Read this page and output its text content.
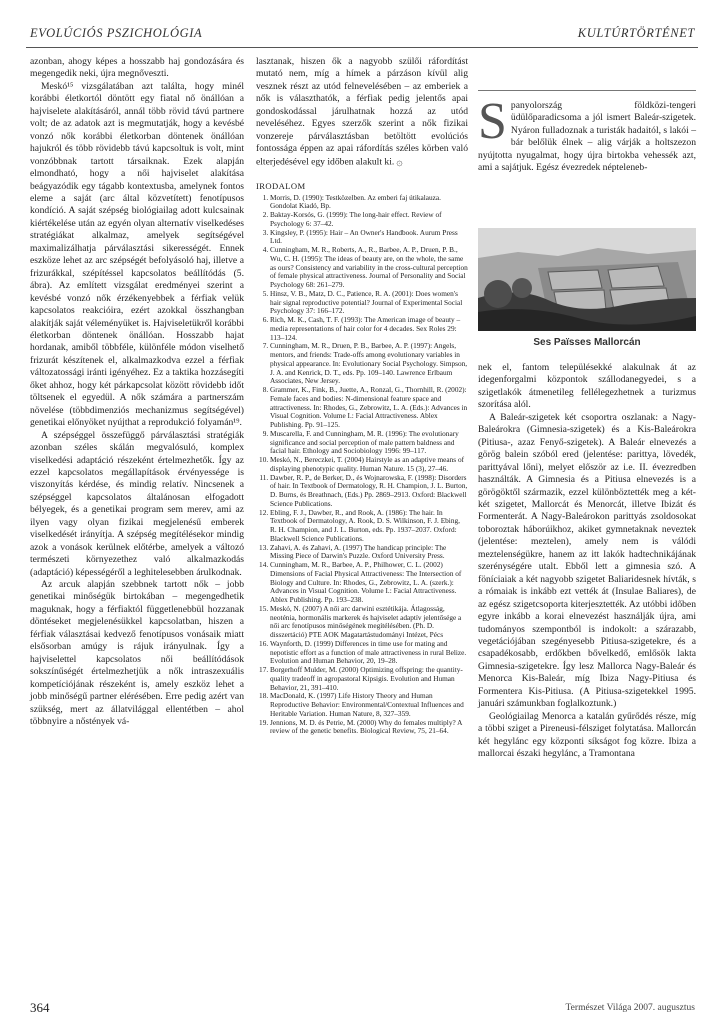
EVOLÚCIÓS PSZICHOLÓGIA	KULTÚRTÖRTÉNET

azonban, ahogy képes a hosszabb haj gondozására és megengedik neki, újra megnőveszti.

Meskó¹⁵ vizsgálatában azt találta, hogy minél korábbi életkortól döntött egy fiatal nő önállóan a hajviselete alakításáról, annál több rövid távú partnere volt; de az adatok azt is megmutatják, hogy a kevésbé vonzó nők korábbi életkorban döntenek önállóan hajukról és több rövidebb távú kapcsoltuk is volt, mint vonzóbbnak tartott társaiknak. Ezek alapján elmondható, hogy a női hajviselet alakítása beágyazódik egy tágabb kontextusba, amelynek fontos eleme a saját (arc által közvetített) fenotípusos kondíció. A saját szépség biológiailag adott kulcsainak kiértékelése után az egyén olyan alternatív viselkedéses stratégiákat alkalmaz, amelyek segítségével maximalizálhatja párválasztási sikerességét. Ennek eszköze lehet az arc szépségét befolyásoló haj, illetve a frizurákkal, szépítéssel kapcsolatos beállítódás (5. ábra). Az említett vizsgálat eredményei szerint a kevésbé vonzó nők érzékenyebbek a férfiak velük kapcsolatos reakcióira, ezért azokkal összhangban alakítják saját véleményüket is. Hajviseletükről korábbi életkorban döntenek önállóan. Hosszabb hajat hordanak, amiből többféle, különféle módon viselhető frizurát készítenek el, alkalmazkodva ezzel a férfiak változatossági iránti igényéhez. Ez a taktika hozzásegíti őket ahhoz, hogy két párkapcsolat között rövidebb időt töltsenek el egyedül. A nők számára a partnerszám növelése (többdimenziós mechanizmus segítségével) genetikai előnyöket nyújthat a reprodukció folyamán¹⁹.

A szépséggel összefüggő párválasztási stratégiák azonban széles skálán megvalósuló, komplex viselkedési adaptáció részeként értelmezhetők. Így az ezzel kapcsolatos megállapítások érvényessége is viszonyítás kérdése, és mindig relatív. Nincsenek a szépséggel kapcsolatos általánosan elfogadott bélyegek, és a genetikai program sem merev, ami az ilyen vagy olyan fizikai megjelenésű emberek viselkedését irányítja. A szépség megítélésekor mindig azok a vonások kerülnek előtérbe, amelyek a változó természeti környezethez való alkalmazkodás (adaptáció) képességéről a leghitelesebben árulkodnak.

Az arcuk alapján szebbnek tartott nők – jobb genetikai minőségük birtokában – megengedhetik maguknak, hogy a férfiaktól függetlenebbül hozzanak döntéseket megjelenésükkel kapcsolatban, hiszen a férfiak választásai kedvező fenotípusos vonásaik miatt elsősorban amúgy is rájuk irányulnak. Így a hajviselettel kapcsolatos női beállítódások sokszínűségét értelmezhetjük a nők intraszexuális kompetíciójának részeként is, amely eszköz lehet a jobb minőségű partner elérésében. Erre pedig azért van szükség, mert az állatvilággal ellentétben – ahol többnyire a nőstények vá-

lasztanak, hiszen ők a nagyobb szülői ráfordítást mutató nem, míg a hímek a párzáson kívül alig vesznek részt az utód felnevelésében – az emberiek a nők is választhatók, a férfiak pedig jelentős apai gondoskodással járulhatnak hozzá az utód neveléséhez. Egyes szerzők szerint a nők fizikai vonzereje párválasztásban betöltött evolúciós fontossága éppen az apai ráfordítás széles körben való elterjedésével egy időben alakult ki. ۞

IRODALOM
1. Morris, D. (1990): Testközelben. Az emberi faj útikalauza. Gondolat Kiadó, Bp.
2. Baktay-Korsós, G. (1999): The long-hair effect. Review of Psychology 6: 37–42.
3. Kingsley, P. (1995): Hair – An Owner's Handbook. Aurum Press Ltd.
4. Cunningham, M. R., Roberts, A., R., Barbee, A. P., Druen, P. B., Wu, C. H. (1995): The ideas of beauty are, on the whole, the same as ours? Consistency and variability in the cross-cultural perception of female physical attractiveness. Journal of Personality and Social Psychology 68: 261–279.
5. Hinsz, V. B., Matz, D. C., Patience, R. A. (2001): Does women's hair signal reproductive potential? Journal of Experimental Social Psychology 37: 166–172.
6. Rich, M. K., Cash, T. F. (1993): The American image of beauty – media representations of hair color for 4 decades. Sex Roles 29: 113–124.
7. Cunningham, M. R., Druen, P. B., Barbee, A. P. (1997): Angels, mentors, and friends: Trade-offs among evolutionary variables in physical appearance. In: Evolutionary Social Psychology. Simpson, J. A. and Kenrick, D. T., eds. Pp. 109–140. Lawrence Erlbaum Associates, New Jersey.
8. Grammer, K., Fink, B., Juette, A., Ronzal, G., Thornhill, R. (2002): Female faces and bodies: N-dimensional feature space and attractiveness. In: Rhodes, G., Zebrowitz, L. A. (Eds.): Advances in Visual Cognition. Volume I.: Facial Attractiveness. Ablex Publishing. Pp. 91–125.
9. Muscarella, F. and Cunningham, M. R. (1996): The evolutionary significance and social perception of male pattern baldness and facial hair. Ethology and Sociobiology 1996: 99–117.
10. Meskó, N., Bereczkei, T. (2004) Hairstyle as an adaptive means of displaying phenotypic quality. Human Nature. 15 (3), 27–46.
11. Dawber, R. P., de Berker, D., és Wojnarowska, F. (1998): Disorders of hair. In Textbook of Dermatology, R. H. Champion, J. L. Burton, D. Burns, és Breathnach, (Eds.) Pp. 2869–2913. Oxford: Blackwell Science Publications.
12. Ebling, F. J., Dawber, R., and Rook, A. (1986): The hair. In Textbook of Dermatology, A. Rook, D. S. Wilkinson, F. J. Ebing, R. H. Champion, and J. L. Burton, eds. Pp. 1937–2037. Oxford: Blackwell Science Publications.
13. Zahavi, A. és Zahavi, A. (1997) The handicap principle: The Missing Piece of Darwin's Puzzle. Oxford University Press.
14. Cunningham, M. R., Barbee, A. P., Philhower, C. L. (2002) Dimensions of Facial Physical Attractiveness: The Intersection of Biology and Culture. In: Rhodes, G., Zebrowitz, L. A. (szerk.): Advances in Visual Cognition. Volume I.: Facial Attractiveness. Ablex Publishing. Pp. 193–238.
15. Meskó, N. (2007) A női arc darwini esztétikája. Átlagosság, neoténia, hormonális markerek és hajviselet adaptív jelentősége a női arc fenotípusos minőségének megítélésében. (Ph. D. disszertáció) PTE AOK Magatartástudományi Intézet, Pécs
16. Waynforth, D. (1999) Differences in time use for mating and nepotistic effort as a function of male attractiveness in rural Belize. Evolution and Human Behavior, 20, 19–28.
17. Borgerhoff Mulder, M. (2000) Optimizing offspring: the quantity-quality tradeoff in agropastoral Kipsigis. Evolution and Human Behavior, 21, 391–410.
18. MacDonald, K. (1997) Life History Theory and Human Reproductive Behavior: Environmental/Contextual Influences and Heritable Variation. Human Nature, 8, 327–359.
19. Jennions, M. D. és Petrie, M. (2000) Why do females multiply? A review of the genetic benefits. Biological Review, 75, 21–64.
Spanyolország földközi-tengeri üdülőparadicsoma a jól ismert Baleár-szigetek. Nyáron fulladoznak a turisták hadaitól, s lakói – bár belőlük élnek – alig várják a holtszezon nyújtotta nyugalmat, hogy újra birtokba vehessék azt, ami a sajátjuk. Egész évezredek népteleneb-
Ses Païsses Mallorcán

nek el, fantom településekké alakulnak át az idegenforgalmi központok szállodanegyedei, s a szigetlakók átmenetileg fellélegezhetnek a turizmus szorítása alól.

A Baleár-szigetek két csoportra oszlanak: a Nagy-Baleárokra (Gimnesia-szigetek) és a Kis-Baleárokra (Pitiusa-, azaz Fenyő-szigetek). A Baleár elnevezés a görög balein szóból ered (jelentése: parittya, lövedék, parittyával lőni), melyet először az i.e. II. évezredben használták. A Gimnesia és a Pitiusa elnevezés is a görögöktől származik, ezzel különböztették meg a két-két szigetet, Mallorcát és Menorcát, illetve Ibizát és Formenterát. A Nagy-Baleárokon parittyás zsoldosokat toboroztak háborúikhoz, akiket gymnetaknak neveztek (jelentése: meztelen), amely nem is válódi meztelenségükre, hanem az itt lakók hadtechnikájának szerénységére utalt. Ebből lett a gimnesia szó. A föníciaiak a két nagyobb szigetet Baliaridesnek hívták, s a rómaiak is inkább ezt vették át (Insulae Baliares), de az egész szigetcsoporta kiterjesztették. Az utóbbi időben egyre inkább a korai elnevezést használják újra, ami tudományos szempontból is indokolt: a szárazabb, vegetációjában szegényesebb Pitiusa-szigetekre, és a csapadékosabb, erdőkben bővelkedő, emlősök lakta Gimnesia-szigetekre. Így lesz Mallorca Nagy-Baleár és Menorca Kis-Baleár, míg Ibiza Nagy-Pitiusa és Formentera Kis-Pitiusa. (A Pitiusa-szigetekkel 1995. januári számunkban foglalkoztunk.)

Geológiailag Menorca a katalán gyűrődés része, míg a többi sziget a Pireneusi-félsziget folytatása. Mallorcán két hegylánc egy központi síkságot fog közre. Ibiza a mallorcai északi hegylánc, a Tramontana

364	Természet Világa 2007. augusztus
